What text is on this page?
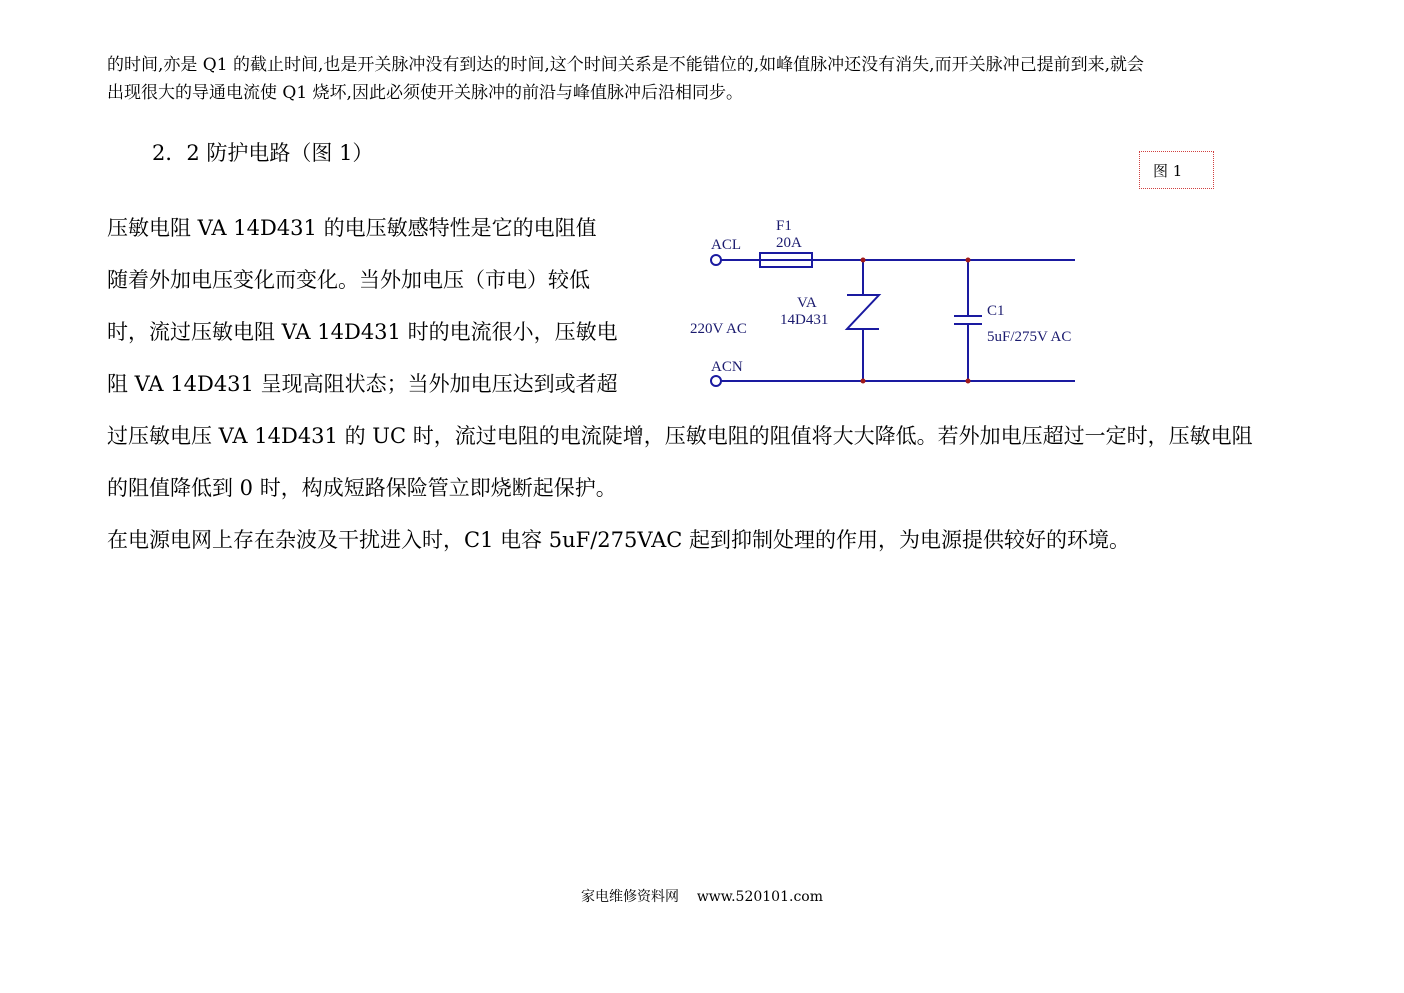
的时间,亦是 Q1 的截止时间,也是开关脉冲没有到达的时间,这个时间关系是不能错位的,如峰值脉冲还没有消失,而开关脉冲己提前到来,就会
出现很大的导通电流使 Q1 烧坏,因此必须使开关脉冲的前沿与峰值脉冲后沿相同步。
2．2 防护电路（图 1）
图 1
压敏电阻 VA 14D431 的电压敏感特性是它的电阻值
随着外加电压变化而变化。当外加电压（市电）较低
时，流过压敏电阻 VA 14D431 时的电流很小，压敏电
阻 VA 14D431 呈现高阻状态；当外加电压达到或者超
过压敏电压 VA 14D431 的 UC 时，流过电阻的电流陡增，压敏电阻的阻值将大大降低。若外加电压超过一定时，压敏电阻
的阻值降低到 0 时，构成短路保险管立即烧断起保护。
在电源电网上存在杂波及干扰进入时，C1 电容 5uF/275VAC 起到抑制处理的作用，为电源提供较好的环境。
ACL
ACN
220V AC
F1
20A
VA
14D431
C1
5uF/275V AC
家电维修资料网 www.520101.com
